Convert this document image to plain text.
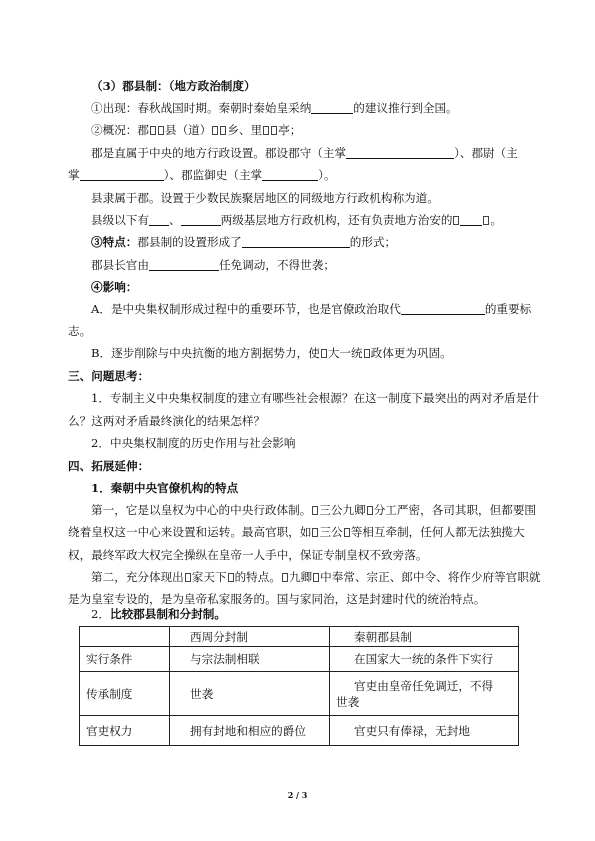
（3）郡县制：（地方政治制度）
①出现：春秋战国时期。秦朝时秦始皇采纳	的建议推行到全国。
②概况：郡 县（道） 乡、里 亭；
郡是直属于中央的地方行政设置。郡设郡守（主掌	）、郡尉（主
掌	）、郡监御史（主掌	）。
县隶属于郡。设置于少数民族聚居地区的同级地方行政机构称为道。
县级以下有 、	两级基层地方行政机构，还有负责地方治安的	。
③特点：郡县制的设置形成了	的形式；
郡县长官由	任免调动，不得世袭；
④影响：
A．是中央集权制形成过程中的重要环节，也是官僚政治取代	的重要标
志。
B．逐步削除与中央抗衡的地方割据势力，使 大一统 政体更为巩固。
三、问题思考：
1．专制主义中央集权制度的建立有哪些社会根源？在这一制度下最突出的两对矛盾是什
么？这两对矛盾最终演化的结果怎样？
2．中央集权制度的历史作用与社会影响
四、拓展延伸：
1．秦朝中央官僚机构的特点
第一，它是以皇权为中心的中央行政体制。 三公九卿 分工严密，各司其职，但都要围
绕着皇权这一中心来设置和运转。最高官职，如 三公 等相互牵制，任何人都无法独揽大
权，最终军政大权完全操纵在皇帝一人手中，保证专制皇权不致旁落。
第二，充分体现出 家天下 的特点。 九卿 中奉常、宗正、郎中令、将作少府等官职就
是为皇室专设的，是为皇帝私家服务的。国与家同治，这是封建时代的统治特点。
2．比较郡县制和分封制。
	西周分封制	秦朝郡县制
实行条件	与宗法制相联	在国家大一统的条件下实行
传承制度	世袭	官吏由皇帝任免调迁，不得
世袭

官吏权力	拥有封地和相应的爵位	官吏只有俸禄，无封地
2 / 3
